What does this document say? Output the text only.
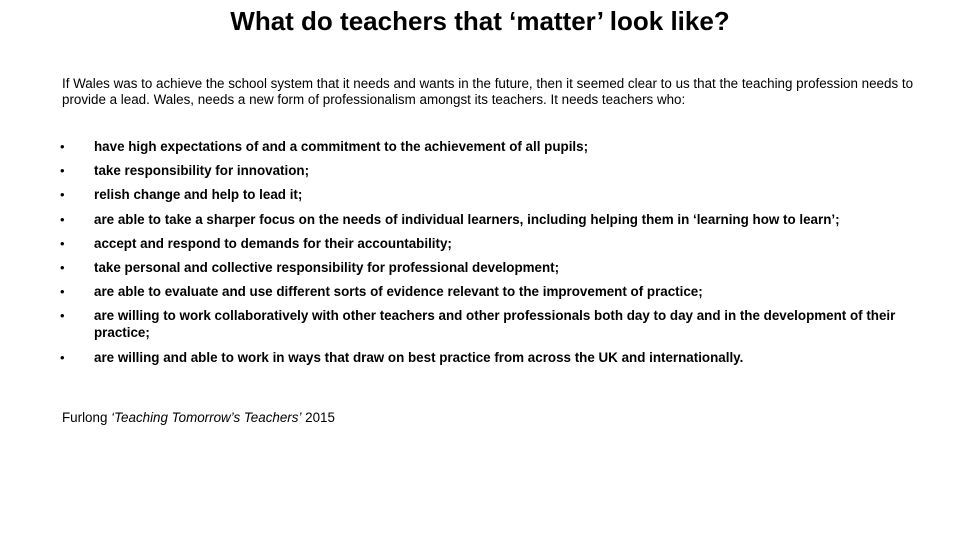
What do teachers that ‘matter’ look like?
If Wales was to achieve the school system that it needs and wants in the future, then it seemed clear to us that the teaching profession needs to provide a lead. Wales, needs a new form of professionalism amongst its teachers. It needs teachers who:
• have high expectations of and a commitment to the achievement of all pupils;
• take responsibility for innovation;
• relish change and help to lead it;
• are able to take a sharper focus on the needs of individual learners, including helping them in ‘learning how to learn’;
• accept and respond to demands for their accountability;
• take personal and collective responsibility for professional development;
• are able to evaluate and use different sorts of evidence relevant to the improvement of practice;
• are willing to work collaboratively with other teachers and other professionals both day to day and in the development of their practice;
• are willing and able to work in ways that draw on best practice from across the UK and internationally.
Furlong ‘Teaching Tomorrow’s Teachers’ 2015
